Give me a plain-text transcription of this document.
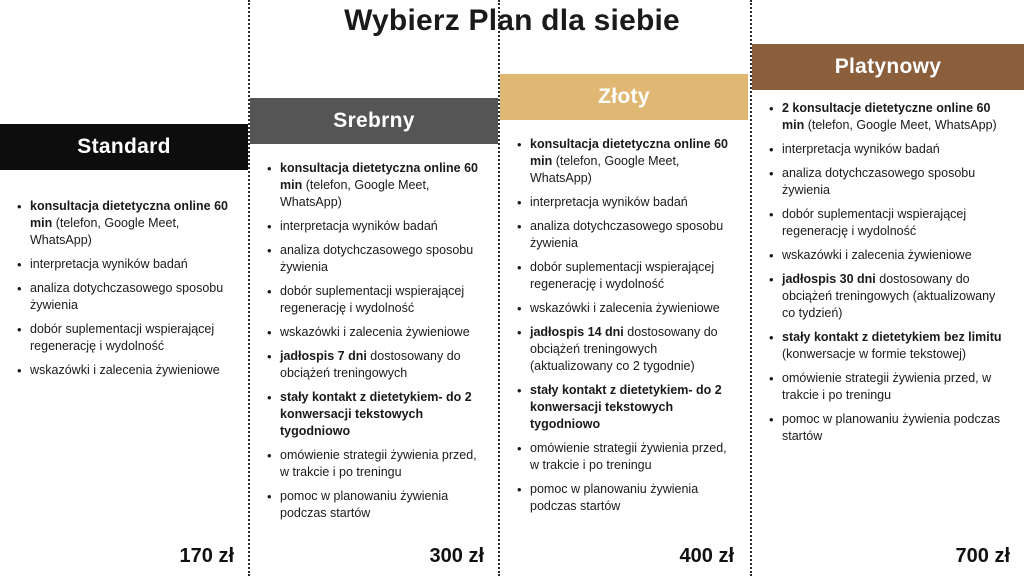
Wybierz Plan dla siebie
Standard
• konsultacja dietetyczna online 60 min (telefon, Google Meet, WhatsApp)
• interpretacja wyników badań
• analiza dotychczasowego sposobu żywienia
• dobór suplementacji wspierającej regenerację i wydolność
• wskazówki i zalecenia żywieniowe
170 zł
Srebrny
• konsultacja dietetyczna online 60 min (telefon, Google Meet, WhatsApp)
• interpretacja wyników badań
• analiza dotychczasowego sposobu żywienia
• dobór suplementacji wspierającej regenerację i wydolność
• wskazówki i zalecenia żywieniowe
• jadłospis 7 dni dostosowany do obciążeń treningowych
• stały kontakt z dietetykiem- do 2 konwersacji tekstowych tygodniowo
• omówienie strategii żywienia przed, w trakcie i po treningu
• pomoc w planowaniu żywienia podczas startów
300 zł
Złoty
• konsultacja dietetyczna online 60 min (telefon, Google Meet, WhatsApp)
• interpretacja wyników badań
• analiza dotychczasowego sposobu żywienia
• dobór suplementacji wspierającej regenerację i wydolność
• wskazówki i zalecenia żywieniowe
• jadłospis 14 dni dostosowany do obciążeń treningowych (aktualizowany co 2 tygodnie)
• stały kontakt z dietetykiem- do 2 konwersacji tekstowych tygodniowo
• omówienie strategii żywienia przed, w trakcie i po treningu
• pomoc w planowaniu żywienia podczas startów
400 zł
Platynowy
• 2 konsultacje dietetyczne online 60 min (telefon, Google Meet, WhatsApp)
• interpretacja wyników badań
• analiza dotychczasowego sposobu żywienia
• dobór suplementacji wspierającej regenerację i wydolność
• wskazówki i zalecenia żywieniowe
• jadłospis 30 dni dostosowany do obciążeń treningowych (aktualizowany co tydzień)
• stały kontakt z dietetykiem bez limitu (konwersacje w formie tekstowej)
• omówienie strategii żywienia przed, w trakcie i po treningu
• pomoc w planowaniu żywienia podczas startów
700 zł
